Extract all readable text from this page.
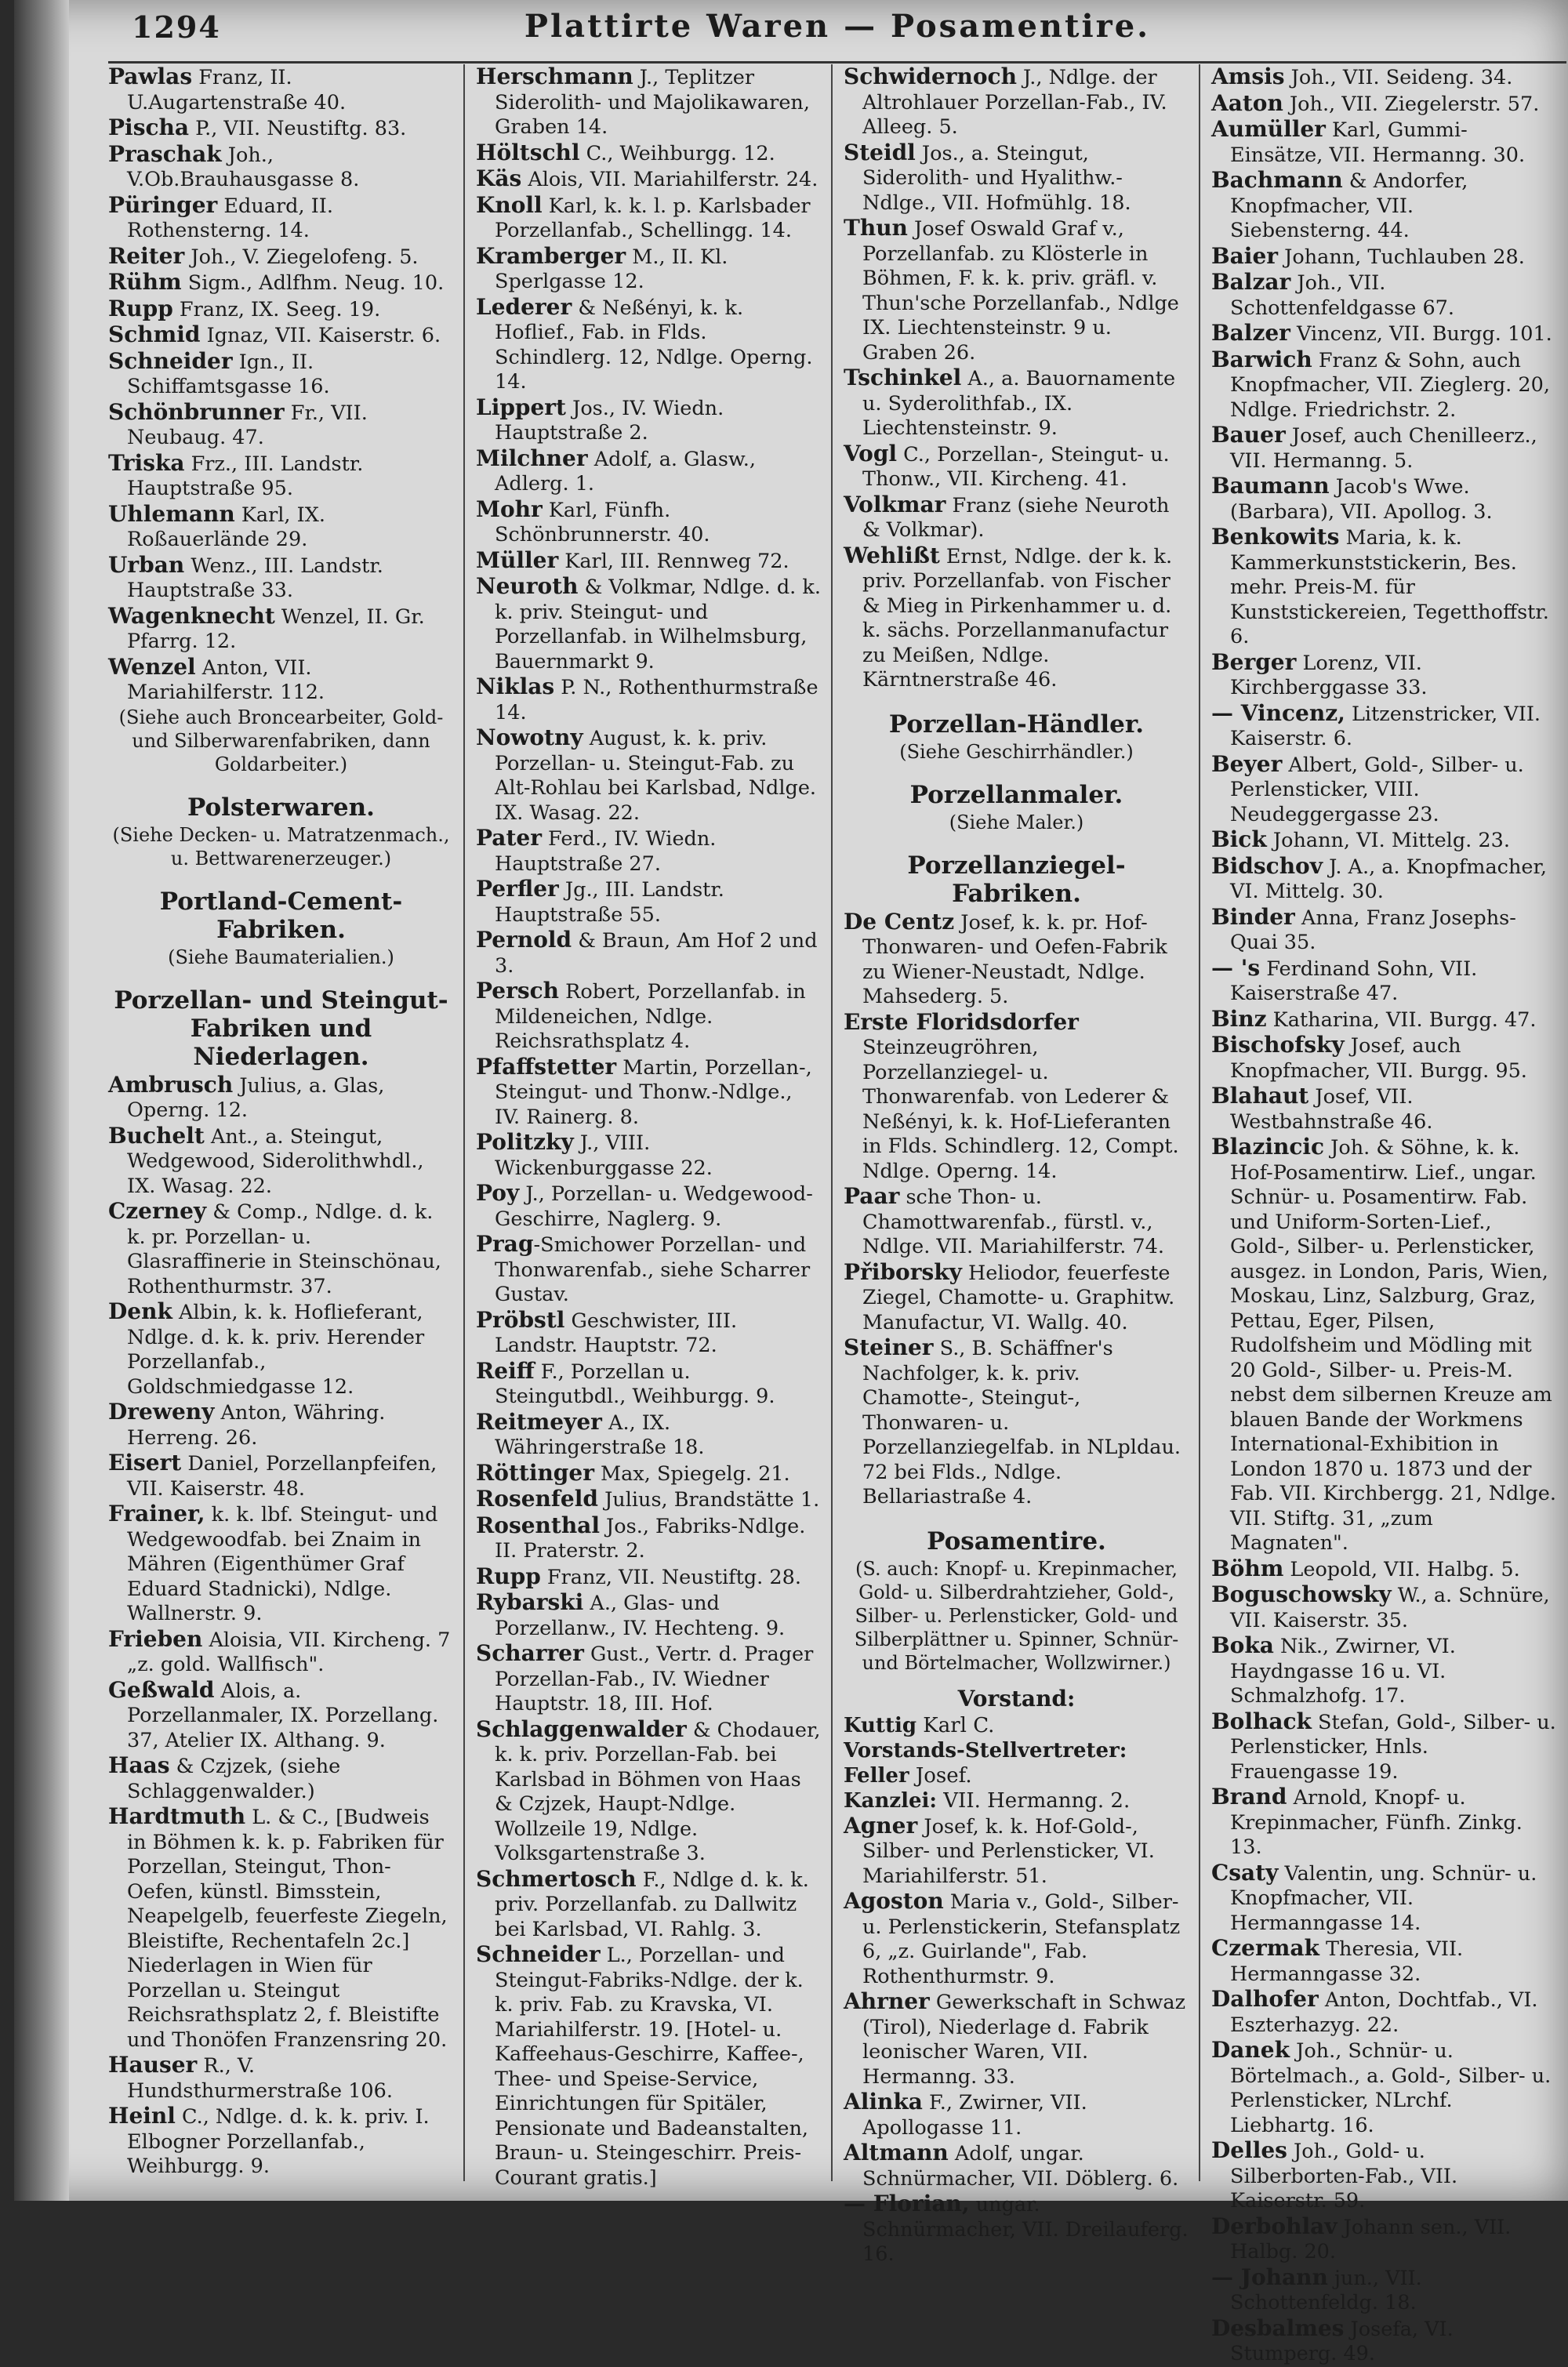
1294	Plattirte Waren — Posamentire.

Pawlas Franz, II. U.Augartenstraße 40.

Pischa P., VII. Neustiftg. 83.

Praschak Joh., V.Ob.Brauhausgasse 8.

Püringer Eduard, II. Rothensterng. 14.

Reiter Joh., V. Ziegelofeng. 5.

Rühm Sigm., Adlfhm. Neug. 10.

Rupp Franz, IX. Seeg. 19.

Schmid Ignaz, VII. Kaiserstr. 6.

Schneider Ign., II. Schiffamtsgasse 16.

Schönbrunner Fr., VII. Neubaug. 47.

Triska Frz., III. Landstr. Hauptstraße 95.

Uhlemann Karl, IX. Roßauerlände 29.

Urban Wenz., III. Landstr. Hauptstraße 33.

Wagenknecht Wenzel, II. Gr. Pfarrg. 12.

Wenzel Anton, VII. Mariahilferstr. 112.

(Siehe auch Broncearbeiter, Gold- und Silberwarenfabriken, dann Goldarbeiter.)
Polsterwaren.
(Siehe Decken- u. Matratzenmach., u. Bettwarenerzeuger.)
Portland-Cement-Fabriken.
(Siehe Baumaterialien.)
Porzellan- und Steingut-Fabriken und Niederlagen.

Ambrusch Julius, a. Glas, Operng. 12.

Buchelt Ant., a. Steingut, Wedgewood, Siderolithwhdl., IX. Wasag. 22.

Czerney & Comp., Ndlge. d. k. k. pr. Porzellan- u. Glasraffinerie in Steinschönau, Rothenthurmstr. 37.

Denk Albin, k. k. Hoflieferant, Ndlge. d. k. k. priv. Herender Porzellanfab., Goldschmiedgasse 12.

Dreweny Anton, Währing. Herreng. 26.

Eisert Daniel, Porzellanpfeifen, VII. Kaiserstr. 48.

Frainer, k. k. lbf. Steingut- und Wedgewoodfab. bei Znaim in Mähren (Eigenthümer Graf Eduard Stadnicki), Ndlge. Wallnerstr. 9.

Frieben Aloisia, VII. Kircheng. 7 „z. gold. Wallfisch".

Geßwald Alois, a. Porzellanmaler, IX. Porzellang. 37, Atelier IX. Althang. 9.

Haas & Czjzek, (siehe Schlaggenwalder.)

Hardtmuth L. & C., [Budweis in Böhmen k. k. p. Fabriken für Porzellan, Steingut, Thon-Oefen, künstl. Bimsstein, Neapelgelb, feuerfeste Ziegeln, Bleistifte, Rechentafeln 2c.] Niederlagen in Wien für Porzellan u. Steingut Reichsrathsplatz 2, f. Bleistifte und Thonöfen Franzensring 20.

Hauser R., V. Hundsthurmerstraße 106.

Heinl C., Ndlge. d. k. k. priv. I. Elbogner Porzellanfab., Weihburgg. 9.

Herschmann J., Teplitzer Siderolith- und Majolikawaren, Graben 14.

Höltschl C., Weihburgg. 12.

Käs Alois, VII. Mariahilferstr. 24.

Knoll Karl, k. k. l. p. Karlsbader Porzellanfab., Schellingg. 14.

Kramberger M., II. Kl. Sperlgasse 12.

Lederer & Neßényi, k. k. Hoflief., Fab. in Flds. Schindlerg. 12, Ndlge. Operng. 14.

Lippert Jos., IV. Wiedn. Hauptstraße 2.

Milchner Adolf, a. Glasw., Adlerg. 1.

Mohr Karl, Fünfh. Schönbrunnerstr. 40.

Müller Karl, III. Rennweg 72.

Neuroth & Volkmar, Ndlge. d. k. k. priv. Steingut- und Porzellanfab. in Wilhelmsburg, Bauernmarkt 9.

Niklas P. N., Rothenthurmstraße 14.

Nowotny August, k. k. priv. Porzellan- u. Steingut-Fab. zu Alt-Rohlau bei Karlsbad, Ndlge. IX. Wasag. 22.

Pater Ferd., IV. Wiedn. Hauptstraße 27.

Perfler Jg., III. Landstr. Hauptstraße 55.

Pernold & Braun, Am Hof 2 und 3.

Persch Robert, Porzellanfab. in Mildeneichen, Ndlge. Reichsrathsplatz 4.

Pfaffstetter Martin, Porzellan-, Steingut- und Thonw.-Ndlge., IV. Rainerg. 8.

Politzky J., VIII. Wickenburggasse 22.

Poy J., Porzellan- u. Wedgewood-Geschirre, Naglerg. 9.

Prag-Smichower Porzellan- und Thonwarenfab., siehe Scharrer Gustav.

Pröbstl Geschwister, III. Landstr. Hauptstr. 72.

Reiff F., Porzellan u. Steingutbdl., Weihburgg. 9.

Reitmeyer A., IX. Währingerstraße 18.

Röttinger Max, Spiegelg. 21.

Rosenfeld Julius, Brandstätte 1.

Rosenthal Jos., Fabriks-Ndlge. II. Praterstr. 2.

Rupp Franz, VII. Neustiftg. 28.

Rybarski A., Glas- und Porzellanw., IV. Hechteng. 9.

Scharrer Gust., Vertr. d. Prager Porzellan-Fab., IV. Wiedner Hauptstr. 18, III. Hof.

Schlaggenwalder & Chodauer, k. k. priv. Porzellan-Fab. bei Karlsbad in Böhmen von Haas & Czjzek, Haupt-Ndlge. Wollzeile 19, Ndlge. Volksgartenstraße 3.

Schmertosch F., Ndlge d. k. k. priv. Porzellanfab. zu Dallwitz bei Karlsbad, VI. Rahlg. 3.

Schneider L., Porzellan- und Steingut-Fabriks-Ndlge. der k. k. priv. Fab. zu Kravska, VI. Mariahilferstr. 19. [Hotel- u. Kaffeehaus-Geschirre, Kaffee-, Thee- und Speise-Service, Einrichtungen für Spitäler, Pensionate und Badeanstalten, Braun- u. Steingeschirr. Preis-Courant gratis.]

Schwidernoch J., Ndlge. der Altrohlauer Porzellan-Fab., IV. Alleeg. 5.

Steidl Jos., a. Steingut, Siderolith- und Hyalithw.-Ndlge., VII. Hofmühlg. 18.

Thun Josef Oswald Graf v., Porzellanfab. zu Klösterle in Böhmen, F. k. k. priv. gräfl. v. Thun'sche Porzellanfab., Ndlge IX. Liechtensteinstr. 9 u. Graben 26.

Tschinkel A., a. Bauornamente u. Syderolithfab., IX. Liechtensteinstr. 9.

Vogl C., Porzellan-, Steingut- u. Thonw., VII. Kircheng. 41.

Volkmar Franz (siehe Neuroth & Volkmar).

Wehlißt Ernst, Ndlge. der k. k. priv. Porzellanfab. von Fischer & Mieg in Pirkenhammer u. d. k. sächs. Porzellanmanufactur zu Meißen, Ndlge. Kärntnerstraße 46.

Porzellan-Händler.
(Siehe Geschirrhändler.)
Porzellanmaler.
(Siehe Maler.)
Porzellanziegel-Fabriken.

De Centz Josef, k. k. pr. Hof-Thonwaren- und Oefen-Fabrik zu Wiener-Neustadt, Ndlge. Mahsederg. 5.

Erste Floridsdorfer Steinzeugröhren, Porzellanziegel- u. Thonwarenfab. von Lederer & Neßényi, k. k. Hof-Lieferanten in Flds. Schindlerg. 12, Compt. Ndlge. Operng. 14.

Paar sche Thon- u. Chamottwarenfab., fürstl. v., Ndlge. VII. Mariahilferstr. 74.

Přiborsky Heliodor, feuerfeste Ziegel, Chamotte- u. Graphitw. Manufactur, VI. Wallg. 40.

Steiner S., B. Schäffner's Nachfolger, k. k. priv. Chamotte-, Steingut-, Thonwaren- u. Porzellanziegelfab. in NLpldau. 72 bei Flds., Ndlge. Bellariastraße 4.

Posamentire.
(S. auch: Knopf- u. Krepinmacher, Gold- u. Silberdrahtzieher, Gold-, Silber- u. Perlensticker, Gold- und Silberplättner u. Spinner, Schnür- und Börtelmacher, Wollzwirner.)
Vorstand:
Kuttig Karl C.
Vorstands-Stellvertreter:
Feller Josef.
Kanzlei: VII. Hermanng. 2.

Agner Josef, k. k. Hof-Gold-, Silber- und Perlensticker, VI. Mariahilferstr. 51.

Agoston Maria v., Gold-, Silber- u. Perlenstickerin, Stefansplatz 6, „z. Guirlande", Fab. Rothenthurmstr. 9.

Ahrner Gewerkschaft in Schwaz (Tirol), Niederlage d. Fabrik leonischer Waren, VII. Hermanng. 33.

Alinka F., Zwirner, VII. Apollogasse 11.

Altmann Adolf, ungar. Schnürmacher, VII. Döblerg. 6.

— Florian, ungar. Schnürmacher, VII. Dreilauferg. 16.

Amsis Joh., VII. Seideng. 34.

Aaton Joh., VII. Ziegelerstr. 57.

Aumüller Karl, Gummi-Einsätze, VII. Hermanng. 30.

Bachmann & Andorfer, Knopfmacher, VII. Siebensterng. 44.

Baier Johann, Tuchlauben 28.

Balzar Joh., VII. Schottenfeldgasse 67.

Balzer Vincenz, VII. Burgg. 101.

Barwich Franz & Sohn, auch Knopfmacher, VII. Zieglerg. 20, Ndlge. Friedrichstr. 2.

Bauer Josef, auch Chenilleerz., VII. Hermanng. 5.

Baumann Jacob's Wwe. (Barbara), VII. Apollog. 3.

Benkowits Maria, k. k. Kammerkunststickerin, Bes. mehr. Preis-M. für Kunststickereien, Tegetthoffstr. 6.

Berger Lorenz, VII. Kirchberggasse 33.

— Vincenz, Litzenstricker, VII. Kaiserstr. 6.

Beyer Albert, Gold-, Silber- u. Perlensticker, VIII. Neudeggergasse 23.

Bick Johann, VI. Mittelg. 23.

Bidschov J. A., a. Knopfmacher, VI. Mittelg. 30.

Binder Anna, Franz Josephs-Quai 35.

— 's Ferdinand Sohn, VII. Kaiserstraße 47.

Binz Katharina, VII. Burgg. 47.

Bischofsky Josef, auch Knopfmacher, VII. Burgg. 95.

Blahaut Josef, VII. Westbahnstraße 46.

Blazincic Joh. & Söhne, k. k. Hof-Posamentirw. Lief., ungar. Schnür- u. Posamentirw. Fab. und Uniform-Sorten-Lief., Gold-, Silber- u. Perlensticker, ausgez. in London, Paris, Wien, Moskau, Linz, Salzburg, Graz, Pettau, Eger, Pilsen, Rudolfsheim und Mödling mit 20 Gold-, Silber- u. Preis-M. nebst dem silbernen Kreuze am blauen Bande der Workmens International-Exhibition in London 1870 u. 1873 und der Fab. VII. Kirchbergg. 21, Ndlge. VII. Stiftg. 31, „zum Magnaten".

Böhm Leopold, VII. Halbg. 5.

Boguschowsky W., a. Schnüre, VII. Kaiserstr. 35.

Boka Nik., Zwirner, VI. Haydngasse 16 u. VI. Schmalzhofg. 17.

Bolhack Stefan, Gold-, Silber- u. Perlensticker, Hnls. Frauengasse 19.

Brand Arnold, Knopf- u. Krepinmacher, Fünfh. Zinkg. 13.

Csaty Valentin, ung. Schnür- u. Knopfmacher, VII. Hermanngasse 14.

Czermak Theresia, VII. Hermanngasse 32.

Dalhofer Anton, Dochtfab., VI. Eszterhazyg. 22.

Danek Joh., Schnür- u. Börtelmach., a. Gold-, Silber- u. Perlensticker, NLrchf. Liebhartg. 16.

Delles Joh., Gold- u. Silberborten-Fab., VII. Kaiserstr. 59.

Derbohlav Johann sen., VII. Halbg. 20.

— Johann jun., VII. Schottenfeldg. 18.

Desbalmes Josefa, VI. Stumperg. 49.
